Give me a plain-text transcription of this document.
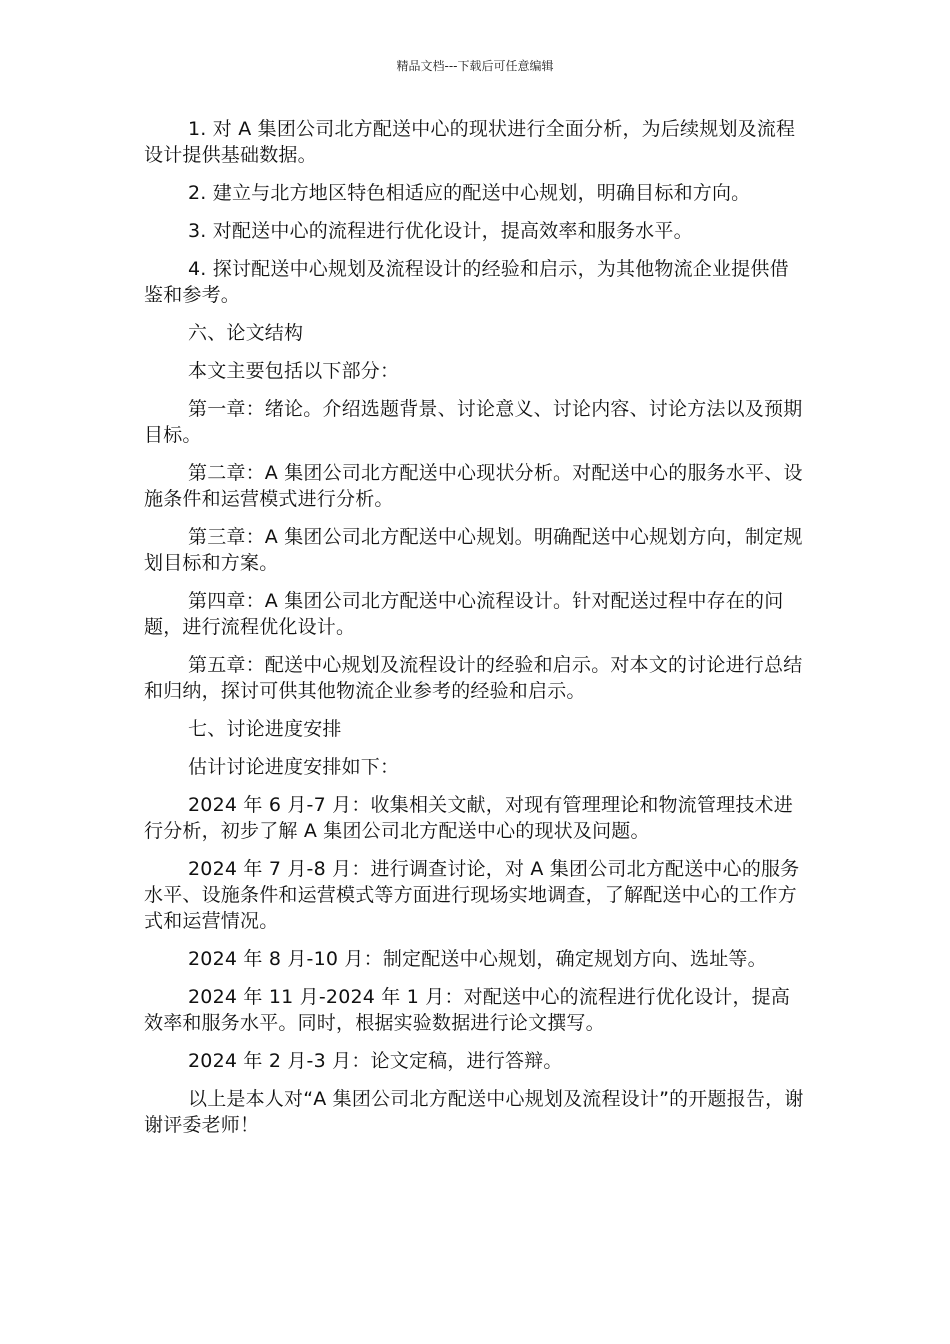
精品文档---下载后可任意编辑

1. 对 A 集团公司北方配送中心的现状进行全面分析，为后续规划及流程设计提供基础数据。

2. 建立与北方地区特色相适应的配送中心规划，明确目标和方向。

3. 对配送中心的流程进行优化设计，提高效率和服务水平。

4. 探讨配送中心规划及流程设计的经验和启示，为其他物流企业提供借鉴和参考。

六、论文结构

本文主要包括以下部分：

第一章：绪论。介绍选题背景、讨论意义、讨论内容、讨论方法以及预期目标。

第二章：A 集团公司北方配送中心现状分析。对配送中心的服务水平、设施条件和运营模式进行分析。

第三章：A 集团公司北方配送中心规划。明确配送中心规划方向，制定规划目标和方案。

第四章：A 集团公司北方配送中心流程设计。针对配送过程中存在的问题，进行流程优化设计。

第五章：配送中心规划及流程设计的经验和启示。对本文的讨论进行总结和归纳，探讨可供其他物流企业参考的经验和启示。

七、讨论进度安排

估计讨论进度安排如下：

2024 年 6 月-7 月：收集相关文献，对现有管理理论和物流管理技术进行分析，初步了解 A 集团公司北方配送中心的现状及问题。

2024 年 7 月-8 月：进行调查讨论，对 A 集团公司北方配送中心的服务水平、设施条件和运营模式等方面进行现场实地调查，了解配送中心的工作方式和运营情况。

2024 年 8 月-10 月：制定配送中心规划，确定规划方向、选址等。

2024 年 11 月-2024 年 1 月：对配送中心的流程进行优化设计，提高效率和服务水平。同时，根据实验数据进行论文撰写。

2024 年 2 月-3 月：论文定稿，进行答辩。

以上是本人对“A 集团公司北方配送中心规划及流程设计”的开题报告，谢谢评委老师！
